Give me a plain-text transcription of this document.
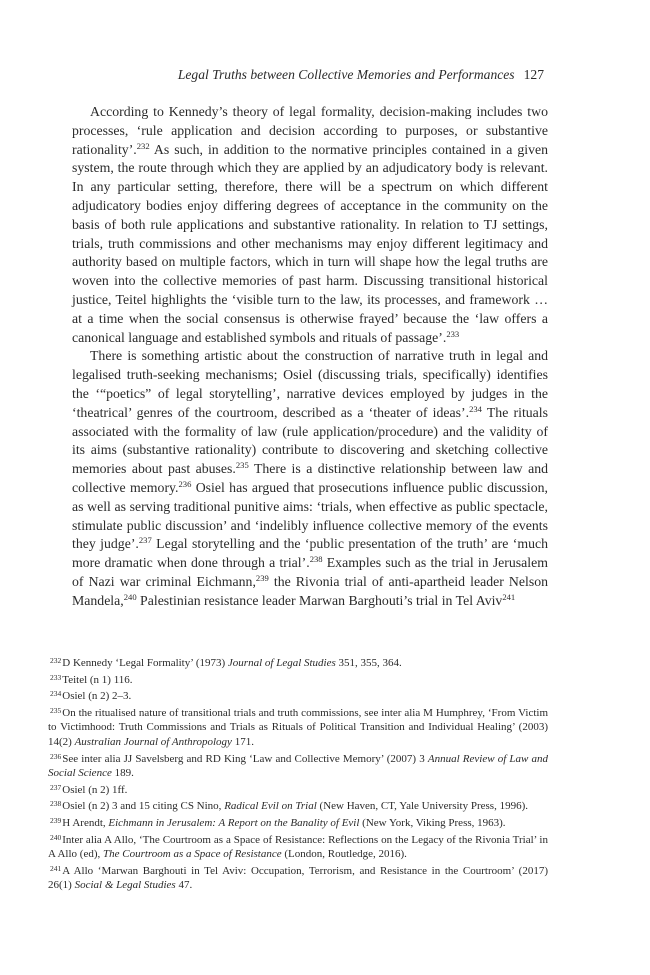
Legal Truths between Collective Memories and Performances 127

According to Kennedy’s theory of legal formality, decision-making includes two processes, ‘rule application and decision according to purposes, or substantive rationality’.$^{232}$ As such, in addition to the normative principles contained in a given system, the route through which they are applied by an adjudicatory body is relevant. In any particular setting, therefore, there will be a spectrum on which different adjudicatory bodies enjoy differing degrees of acceptance in the community on the basis of both rule applications and substantive rationality. In relation to TJ settings, trials, truth commissions and other mechanisms may enjoy different legitimacy and authority based on multiple factors, which in turn will shape how the legal truths are woven into the collective memories of past harm. Discussing transitional historical justice, Teitel highlights the ‘visible turn to the law, its processes, and framework … at a time when the social consensus is otherwise frayed’ because the ‘law offers a canonical language and established symbols and rituals of passage’.$^{233}$

There is something artistic about the construction of narrative truth in legal and legalised truth-seeking mechanisms; Osiel (discussing trials, specifically) identifies the ‘“poetics” of legal storytelling’, narrative devices employed by judges in the ‘theatrical’ genres of the courtroom, described as a ‘theater of ideas’.$^{234}$ The rituals associated with the formality of law (rule application/procedure) and the validity of its aims (substantive rationality) contribute to discovering and sketching collective memories about past abuses.$^{235}$ There is a distinctive relationship between law and collective memory.$^{236}$ Osiel has argued that prosecutions influence public discussion, as well as serving traditional punitive aims: ‘trials, when effective as public spectacle, stimulate public discussion’ and ‘indelibly influence collective memory of the events they judge’.$^{237}$ Legal storytelling and the ‘public presentation of the truth’ are ‘much more dramatic when done through a trial’.$^{238}$ Examples such as the trial in Jerusalem of Nazi war criminal Eichmann,$^{239}$ the Rivonia trial of anti-apartheid leader Nelson Mandela,$^{240}$ Palestinian resistance leader Marwan Barghouti’s trial in Tel Aviv$^{241}$

$^{232}$D Kennedy ‘Legal Formality’ (1973) Journal of Legal Studies 351, 355, 364.

$^{233}$Teitel (n 1) 116.

$^{234}$Osiel (n 2) 2–3.

$^{235}$On the ritualised nature of transitional trials and truth commissions, see inter alia M Humphrey, ‘From Victim to Victimhood: Truth Commissions and Trials as Rituals of Political Transition and Individual Healing’ (2003) 14(2) Australian Journal of Anthropology 171.

$^{236}$See inter alia JJ Savelsberg and RD King ‘Law and Collective Memory’ (2007) 3 Annual Review of Law and Social Science 189.

$^{237}$Osiel (n 2) 1ff.

$^{238}$Osiel (n 2) 3 and 15 citing CS Nino, Radical Evil on Trial (New Haven, CT, Yale University Press, 1996).

$^{239}$H Arendt, Eichmann in Jerusalem: A Report on the Banality of Evil (New York, Viking Press, 1963).

$^{240}$Inter alia A Allo, ‘The Courtroom as a Space of Resistance: Reflections on the Legacy of the Rivonia Trial’ in A Allo (ed), The Courtroom as a Space of Resistance (London, Routledge, 2016).

$^{241}$A Allo ‘Marwan Barghouti in Tel Aviv: Occupation, Terrorism, and Resistance in the Courtroom’ (2017) 26(1) Social & Legal Studies 47.
